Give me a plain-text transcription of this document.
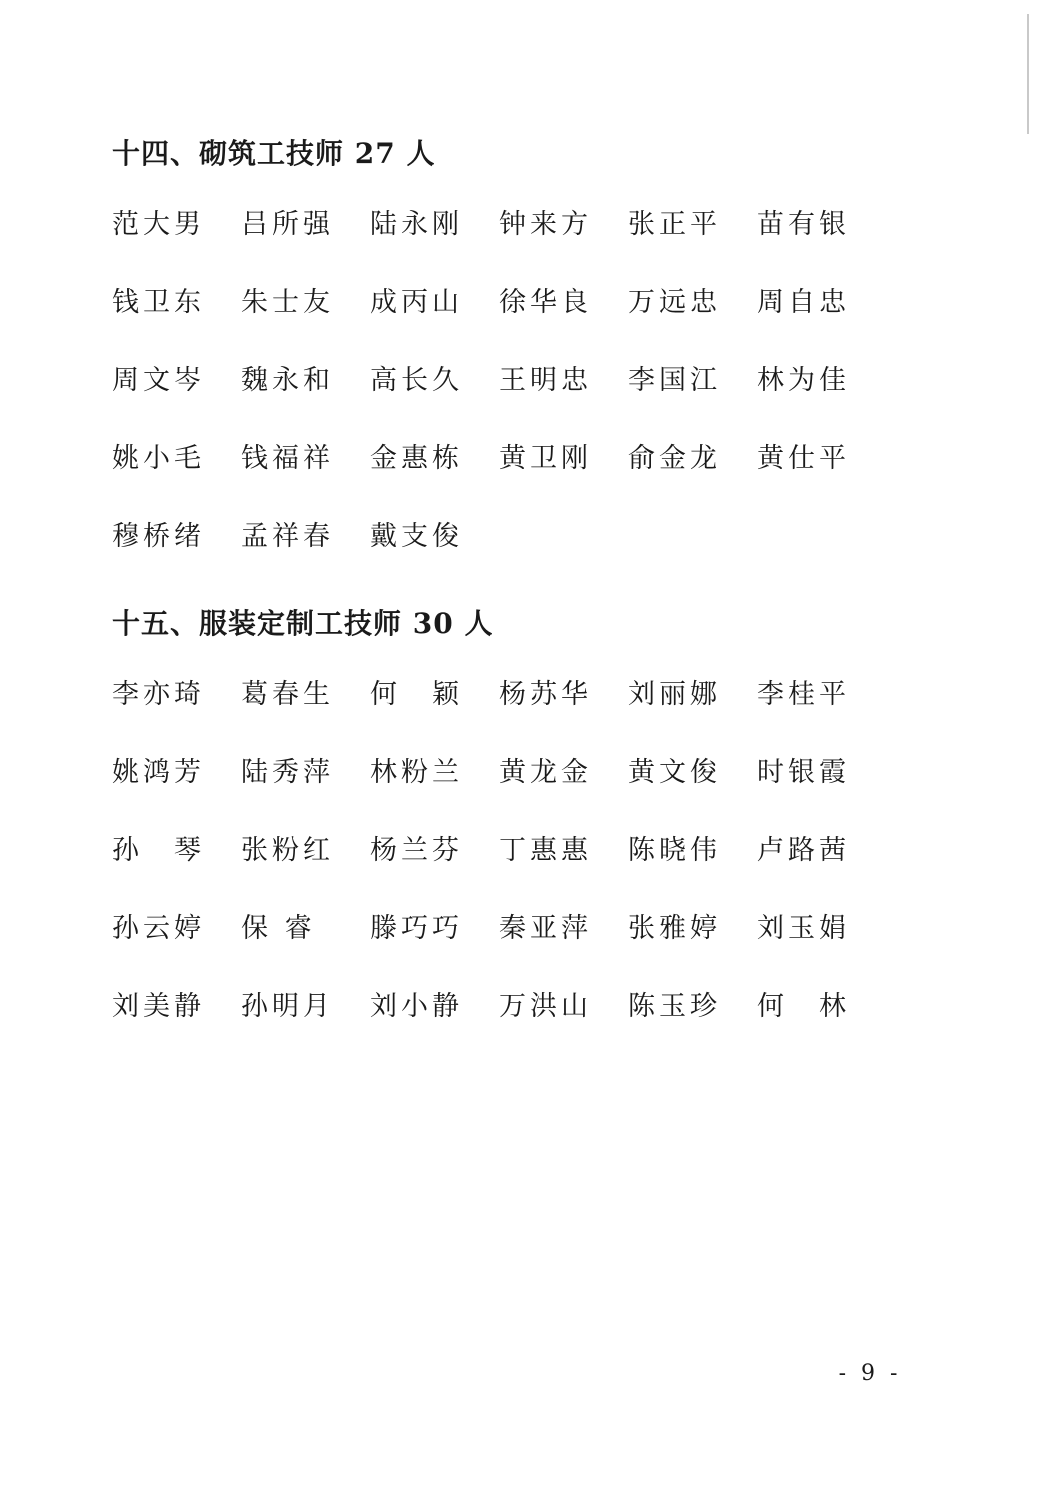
十四、砌筑工技师 27 人
范大男	吕所强	陆永刚	钟来方	张正平	苗有银
钱卫东	朱士友	成丙山	徐华良	万远忠	周自忠
周文岑	魏永和	高长久	王明忠	李国江	林为佳
姚小毛	钱福祥	金惠栋	黄卫刚	俞金龙	黄仕平
穆桥绪	孟祥春	戴支俊
十五、服装定制工技师 30 人
李亦琦	葛春生	何　颖	杨苏华	刘丽娜	李桂平
姚鸿芳	陆秀萍	林粉兰	黄龙金	黄文俊	时银霞
孙　琴	张粉红	杨兰芬	丁惠惠	陈晓伟	卢路茜
孙云婷	保 睿	滕巧巧	秦亚萍	张雅婷	刘玉娟
刘美静	孙明月	刘小静	万洪山	陈玉珍	何　林
- 9 -
